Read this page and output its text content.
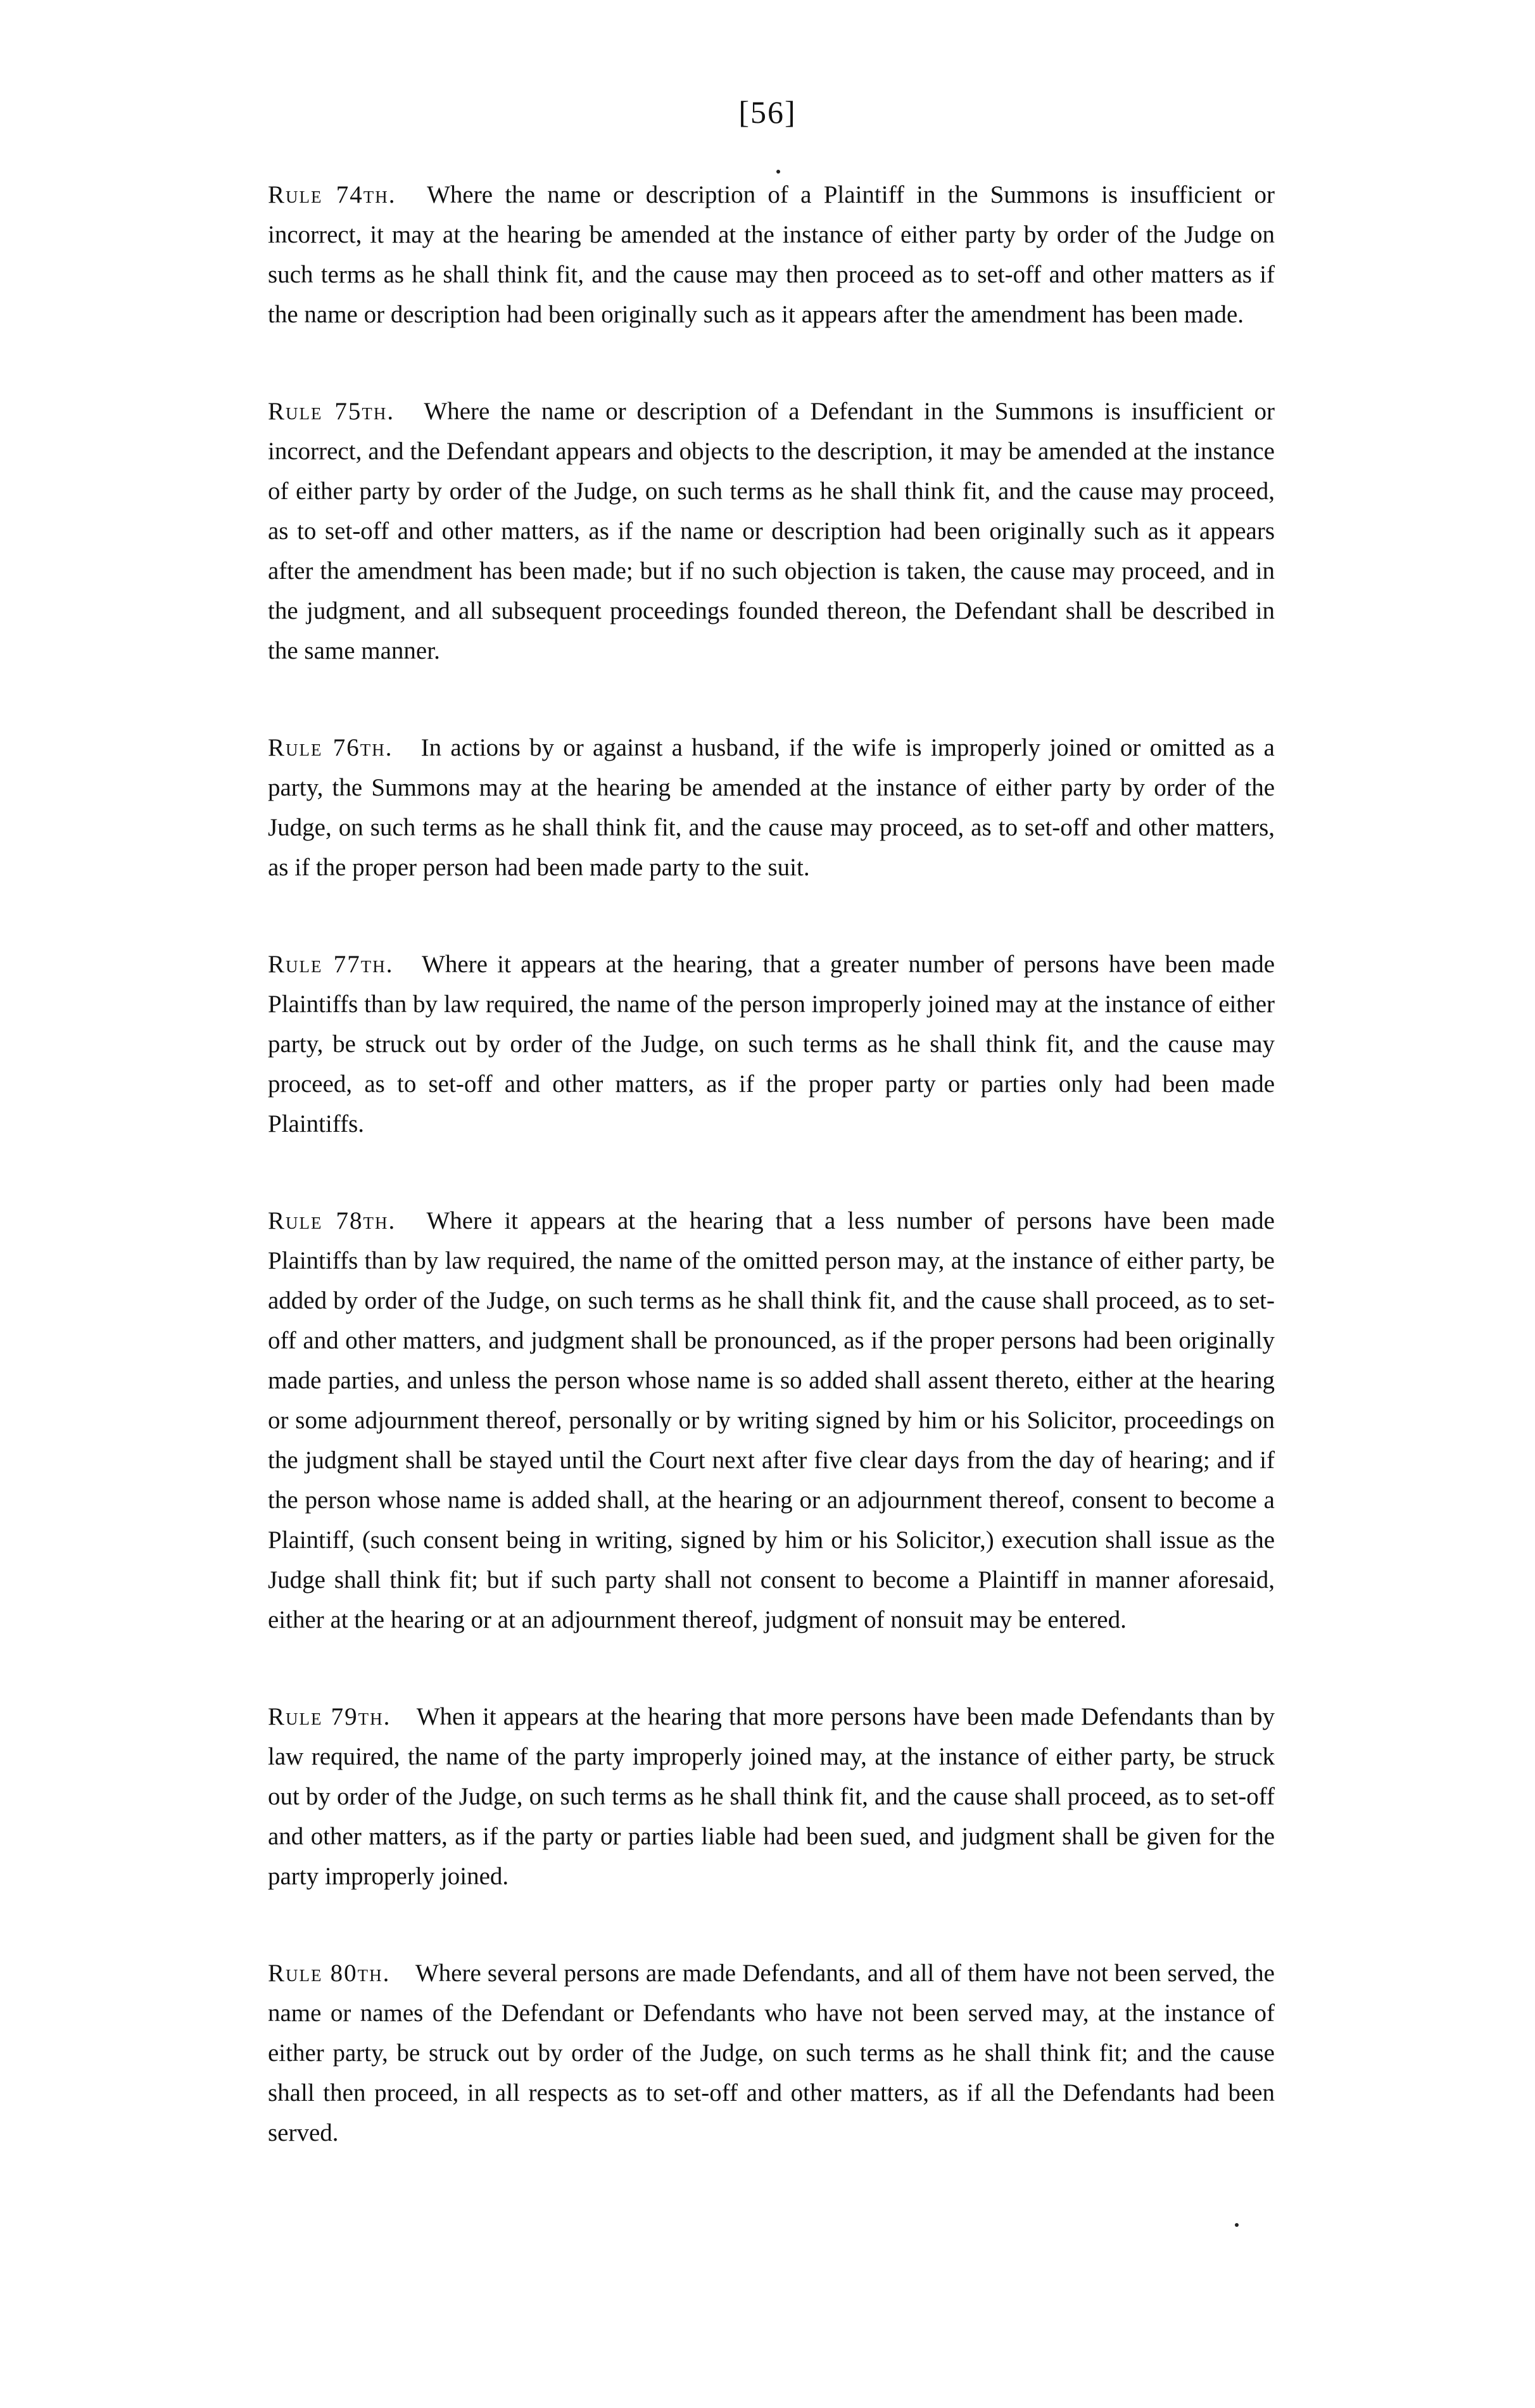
[56]

Rule 74th. Where the name or description of a Plaintiff in the Summons is insufficient or incorrect, it may at the hearing be amended at the instance of either party by order of the Judge on such terms as he shall think fit, and the cause may then proceed as to set-off and other matters as if the name or description had been originally such as it appears after the amendment has been made.

Rule 75th. Where the name or description of a Defendant in the Summons is insufficient or incorrect, and the Defendant appears and objects to the description, it may be amended at the instance of either party by order of the Judge, on such terms as he shall think fit, and the cause may proceed, as to set-off and other matters, as if the name or description had been originally such as it appears after the amendment has been made; but if no such objection is taken, the cause may proceed, and in the judgment, and all subsequent proceedings founded thereon, the Defendant shall be described in the same manner.

Rule 76th. In actions by or against a husband, if the wife is improperly joined or omitted as a party, the Summons may at the hearing be amended at the instance of either party by order of the Judge, on such terms as he shall think fit, and the cause may proceed, as to set-off and other matters, as if the proper person had been made party to the suit.

Rule 77th. Where it appears at the hearing, that a greater number of persons have been made Plaintiffs than by law required, the name of the person improperly joined may at the instance of either party, be struck out by order of the Judge, on such terms as he shall think fit, and the cause may proceed, as to set-off and other matters, as if the proper party or parties only had been made Plaintiffs.

Rule 78th. Where it appears at the hearing that a less number of persons have been made Plaintiffs than by law required, the name of the omitted person may, at the instance of either party, be added by order of the Judge, on such terms as he shall think fit, and the cause shall proceed, as to set-off and other matters, and judgment shall be pronounced, as if the proper persons had been originally made parties, and unless the person whose name is so added shall assent thereto, either at the hearing or some adjournment thereof, personally or by writing signed by him or his Solicitor, proceedings on the judgment shall be stayed until the Court next after five clear days from the day of hearing; and if the person whose name is added shall, at the hearing or an adjournment thereof, consent to become a Plaintiff, (such consent being in writing, signed by him or his Solicitor,) execution shall issue as the Judge shall think fit; but if such party shall not consent to become a Plaintiff in manner aforesaid, either at the hearing or at an adjournment thereof, judgment of nonsuit may be entered.

Rule 79th. When it appears at the hearing that more persons have been made Defendants than by law required, the name of the party improperly joined may, at the instance of either party, be struck out by order of the Judge, on such terms as he shall think fit, and the cause shall proceed, as to set-off and other matters, as if the party or parties liable had been sued, and judgment shall be given for the party improperly joined.

Rule 80th. Where several persons are made Defendants, and all of them have not been served, the name or names of the Defendant or Defendants who have not been served may, at the instance of either party, be struck out by order of the Judge, on such terms as he shall think fit; and the cause shall then proceed, in all respects as to set-off and other matters, as if all the Defendants had been served.
